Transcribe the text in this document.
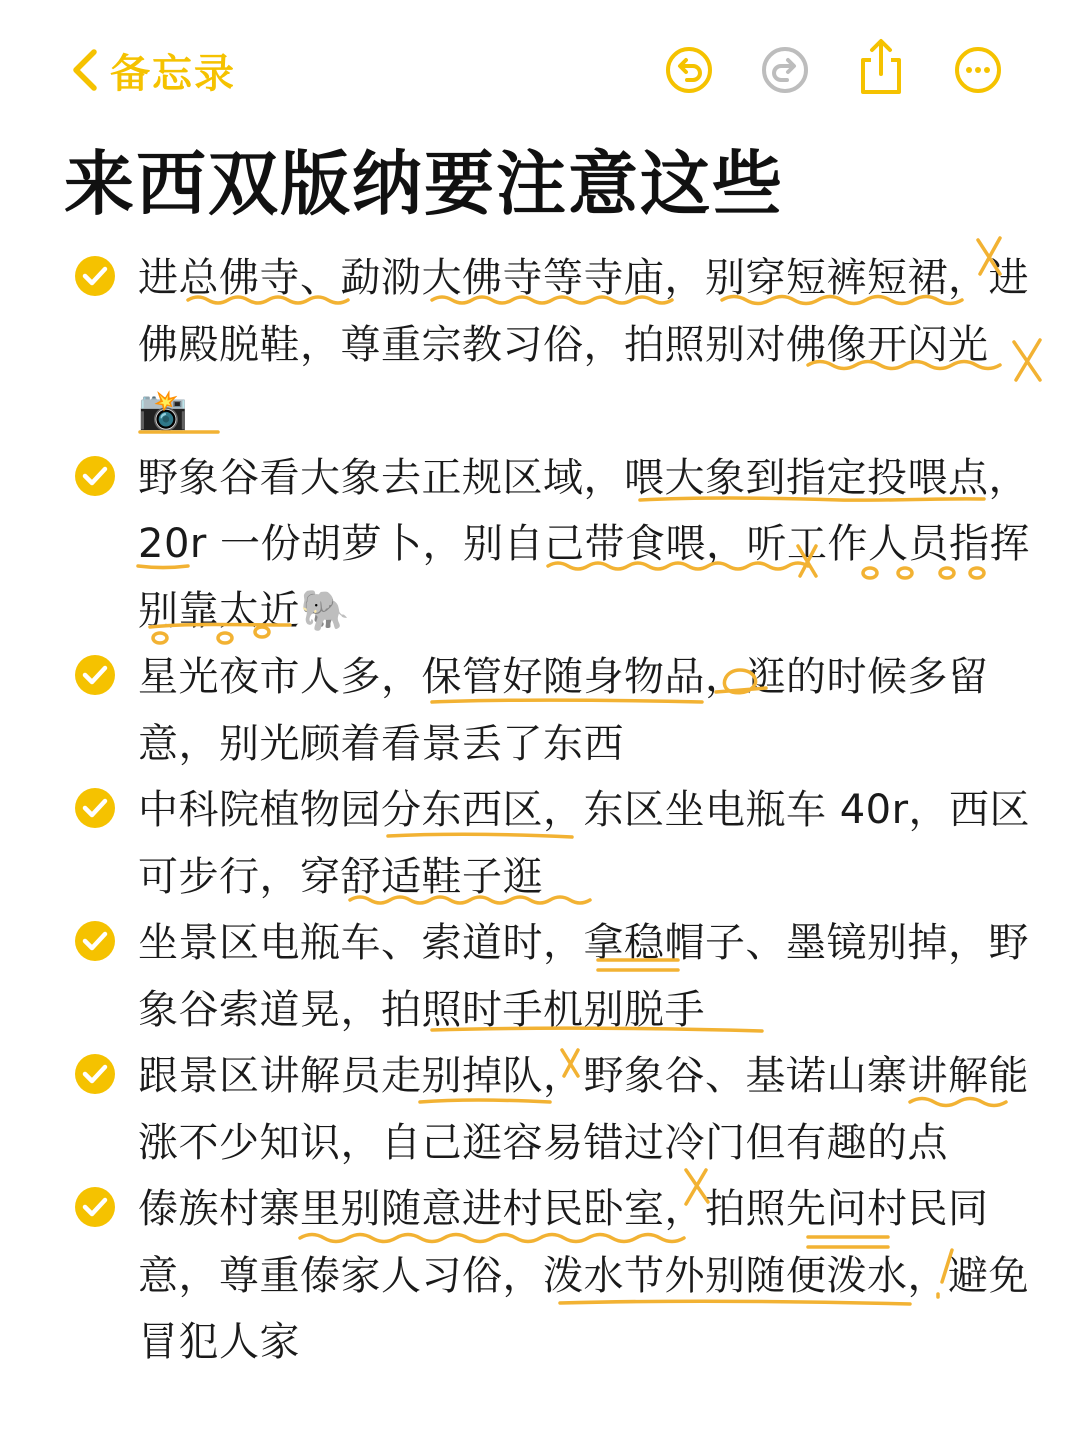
备忘录
来西双版纳要注意这些
进总佛寺、勐泐大佛寺等寺庙，别穿短裤短裙，进佛殿脱鞋，尊重宗教习俗，拍照别对佛像开闪光📸
野象谷看大象去正规区域，喂大象到指定投喂点，20r 一份胡萝卜，别自己带食喂，听工作人员指挥别靠太近🐘
星光夜市人多，保管好随身物品，逛的时候多留意，别光顾着看景丢了东西
中科院植物园分东西区，东区坐电瓶车 40r，西区可步行，穿舒适鞋子逛
坐景区电瓶车、索道时，拿稳帽子、墨镜别掉，野象谷索道晃，拍照时手机别脱手
跟景区讲解员走别掉队，野象谷、基诺山寨讲解能涨不少知识，自己逛容易错过冷门但有趣的点
傣族村寨里别随意进村民卧室，拍照先问村民同意，尊重傣家人习俗，泼水节外别随便泼水，避免冒犯人家
